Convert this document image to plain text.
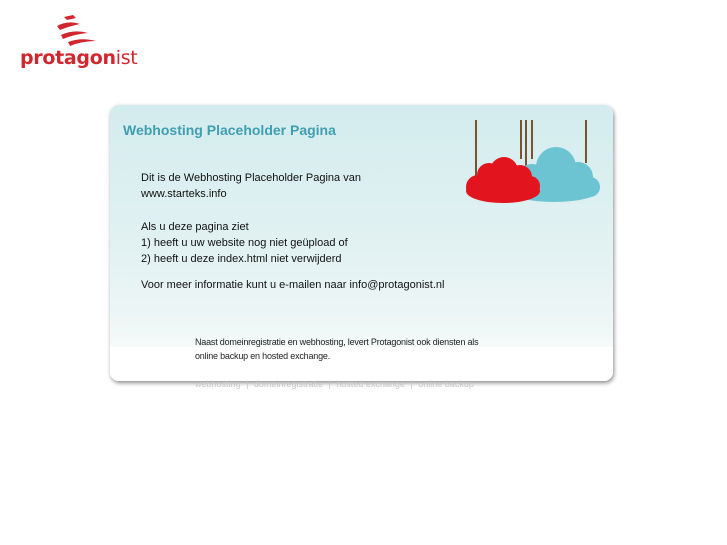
protagonist
Webhosting Placeholder Pagina

Dit is de Webhosting Placeholder Pagina van

www.starteks.info

Als u deze pagina ziet

1) heeft u uw website nog niet geüpload of

2) heeft u deze index.html niet verwijderd

Voor meer informatie kunt u e-mailen naar info@protagonist.nl

Naast domeinregistratie en webhosting, levert Protagonist ook diensten als

online backup en hosted exchange.

webhosting | domeinregistratie | hosted exchange | online backup
